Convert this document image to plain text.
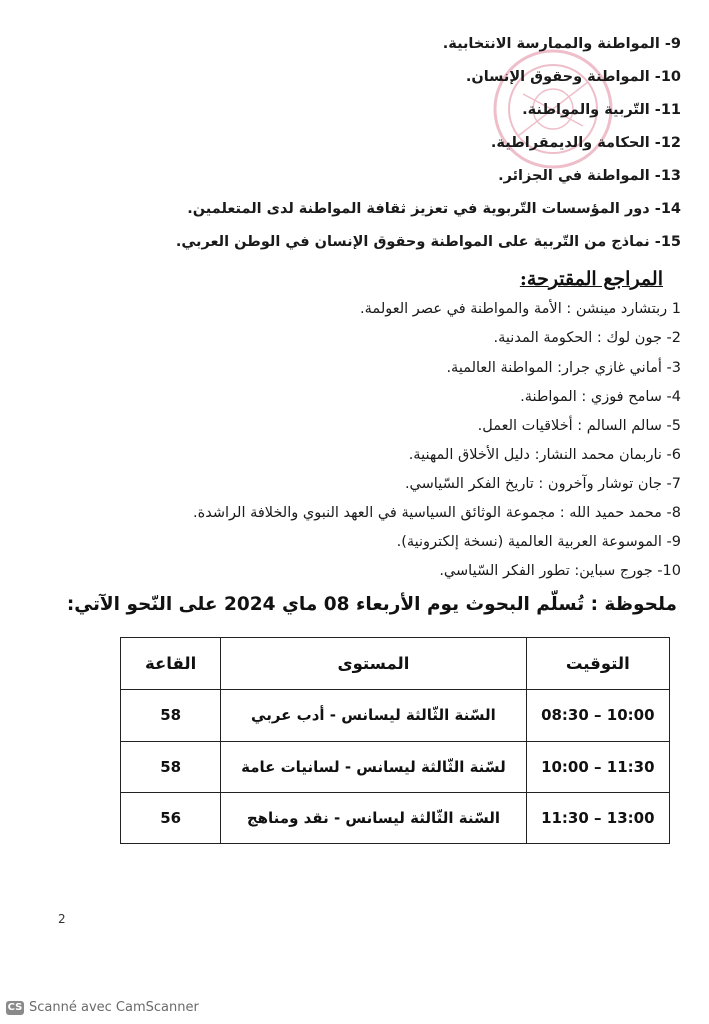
9- المواطنة والممارسة الانتخابية.
10- المواطنة وحقوق الإنسان.
11- التّربية والمواطنة.
12- الحكامة والديمقراطية.
13- المواطنة في الجزائر.
14- دور المؤسسات التّربوية في تعزيز ثقافة المواطنة لدى المتعلمين.
15- نماذج من التّربية على المواطنة وحقوق الإنسان في الوطن العربي.
المراجع المقترحة:
1 ربتشارد مينشن : الأمة والمواطنة في عصر العولمة.
2- جون لوك : الحكومة المدنية.
3- أماني غازي جرار: المواطنة العالمية.
4- سامح فوزي : المواطنة.
5- سالم السالم : أخلاقيات العمل.
6- ناربمان محمد النشار: دليل الأخلاق المهنية.
7- جان توشار وآخرون : تاريخ الفكر السّياسي.
8- محمد حميد الله : مجموعة الوثائق السياسية في العهد النبوي والخلافة الراشدة.
9- الموسوعة العربية العالمية (نسخة إلكترونية).
10- جورج سباين: تطور الفكر السّياسي.
ملحوظة : تُسلّم البحوث يوم الأربعاء 08 ماي 2024 على النّحو الآتي:
التوقيت	المستوى	القاعة
08:30 – 10:00	السّنة الثّالثة ليسانس - أدب عربي	58
10:00 – 11:30	لسّنة الثّالثة ليسانس - لسانيات عامة	58
11:30 – 13:00	السّنة الثّالثة ليسانس - نقد ومناهج	56
2
CS Scanné avec CamScanner
